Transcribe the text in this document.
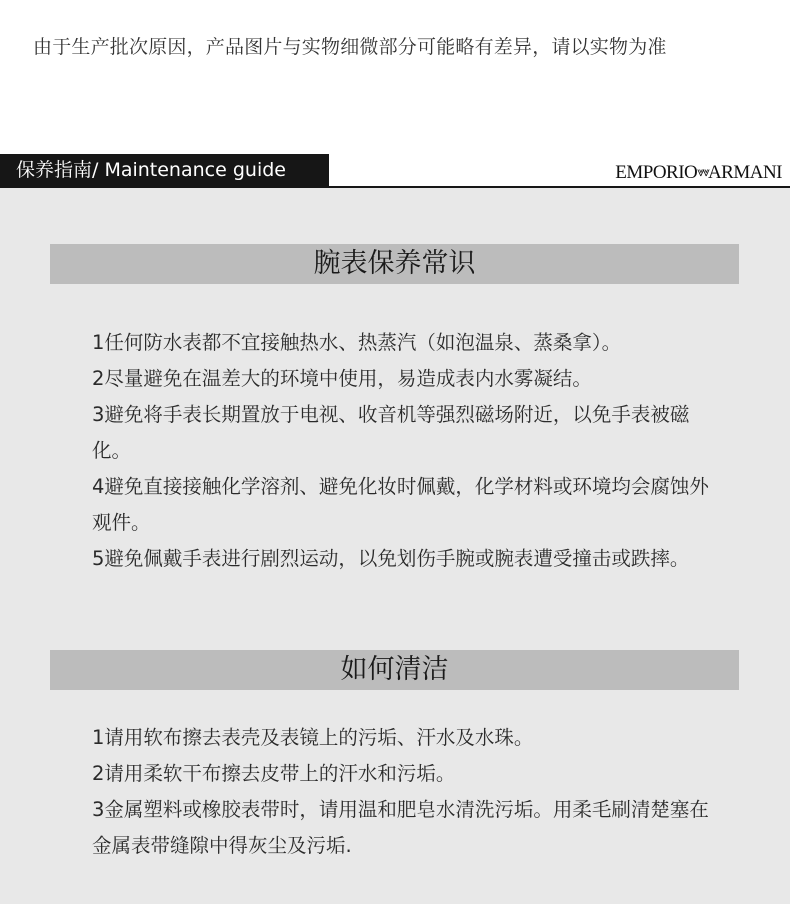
由于生产批次原因，产品图片与实物细微部分可能略有差异，请以实物为准
保养指南/ Maintenance guide	EMPORIO⩔⩔ARMANI
腕表保养常识
1任何防水表都不宜接触热水、热蒸汽（如泡温泉、蒸桑拿）。
2尽量避免在温差大的环境中使用，易造成表内水雾凝结。
3避免将手表长期置放于电视、收音机等强烈磁场附近，以免手表被磁化。
4避免直接接触化学溶剂、避免化妆时佩戴，化学材料或环境均会腐蚀外观件。
5避免佩戴手表进行剧烈运动，以免划伤手腕或腕表遭受撞击或跌摔。
如何清洁
1请用软布擦去表壳及表镜上的污垢、汗水及水珠。
2请用柔软干布擦去皮带上的汗水和污垢。
3金属塑料或橡胶表带时，请用温和肥皂水清洗污垢。用柔毛刷清楚塞在金属表带缝隙中得灰尘及污垢.
